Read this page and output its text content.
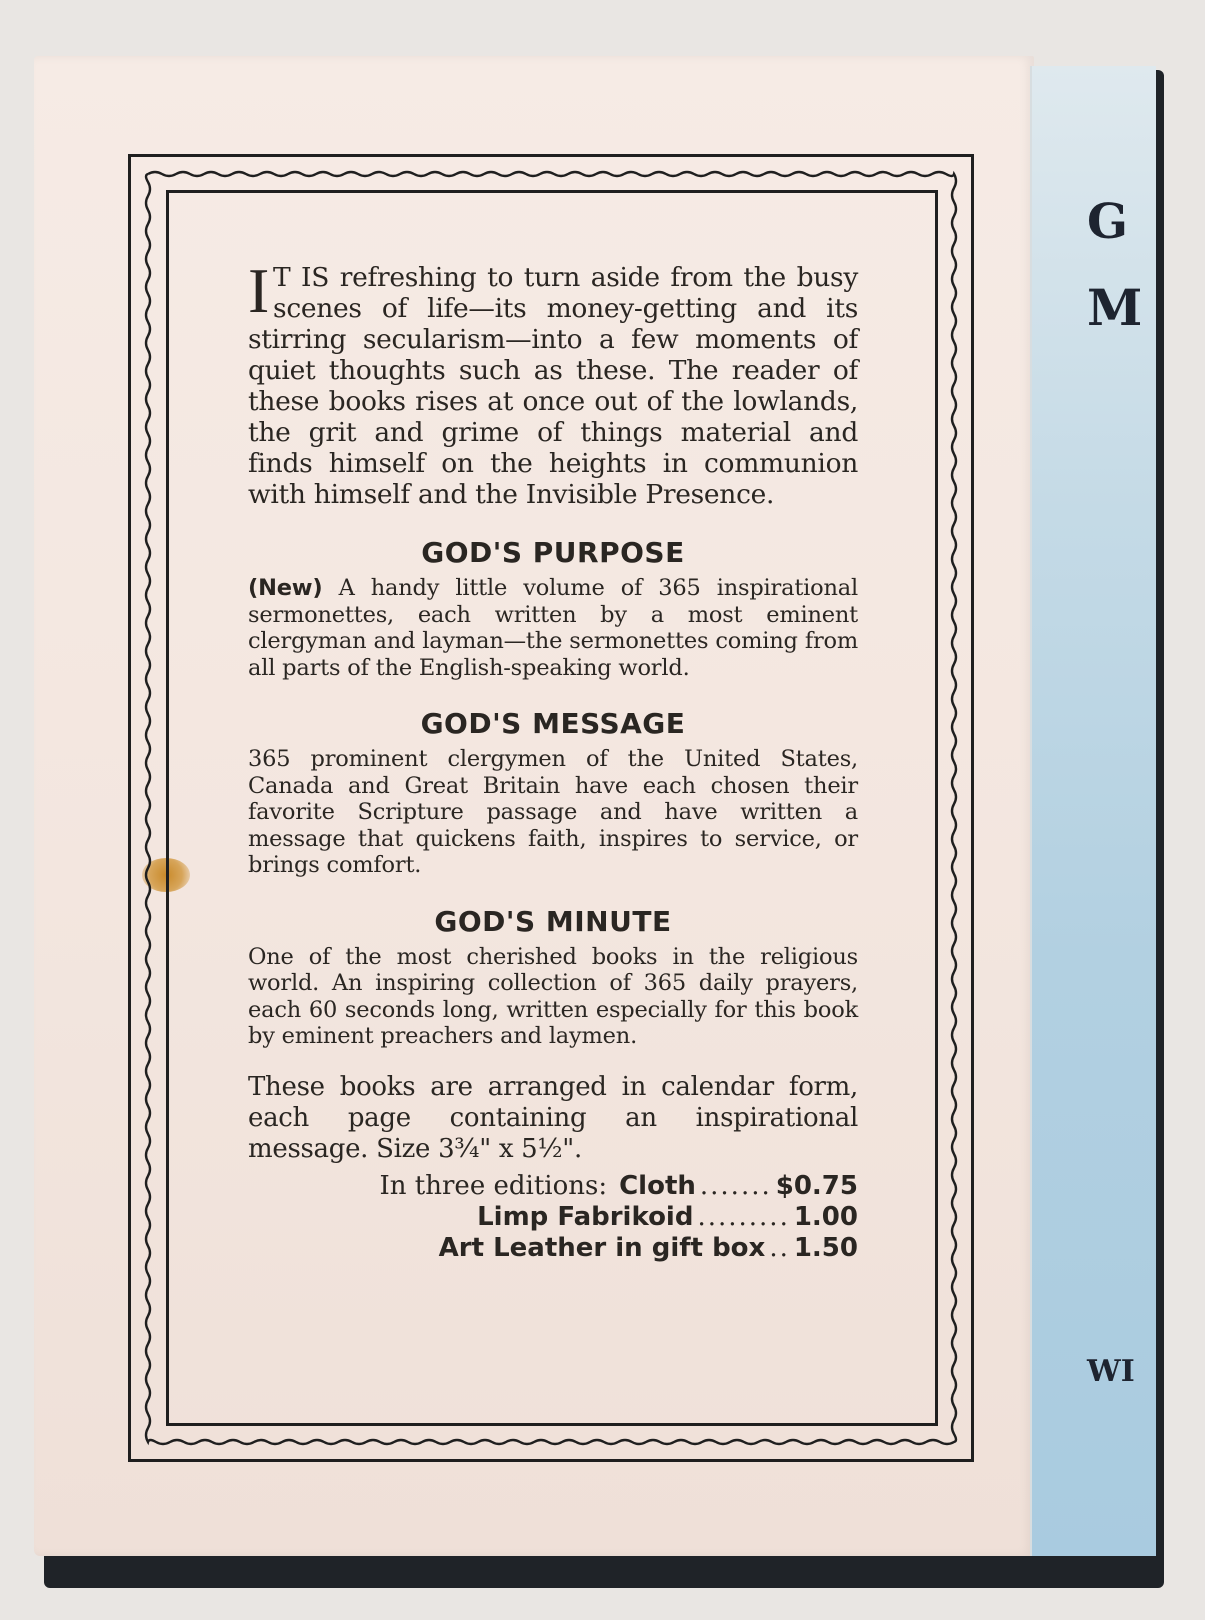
G
M
WI

I T IS refreshing to turn aside from the busy scenes of life—its money-getting and its stirring secularism—into a few moments of quiet thoughts such as these. The reader of these books rises at once out of the lowlands, the grit and grime of things material and finds himself on the heights in communion with himself and the Invisible Presence.

GOD'S PURPOSE

(New) A handy little volume of 365 inspirational sermonettes, each written by a most eminent clergyman and layman—the sermonettes coming from all parts of the English-speaking world.

GOD'S MESSAGE

365 prominent clergymen of the United States, Canada and Great Britain have each chosen their favorite Scripture passage and have written a message that quickens faith, inspires to service, or brings comfort.

GOD'S MINUTE

One of the most cherished books in the religious world. An inspiring collection of 365 daily prayers, each 60 seconds long, written especially for this book by eminent preachers and laymen.

These books are arranged in calendar form, each page containing an inspirational message. Size 3¾" x 5½".

In three editions: Cloth ....... $0.75
Limp Fabrikoid ......... 1.00
Art Leather in gift box .. 1.50
